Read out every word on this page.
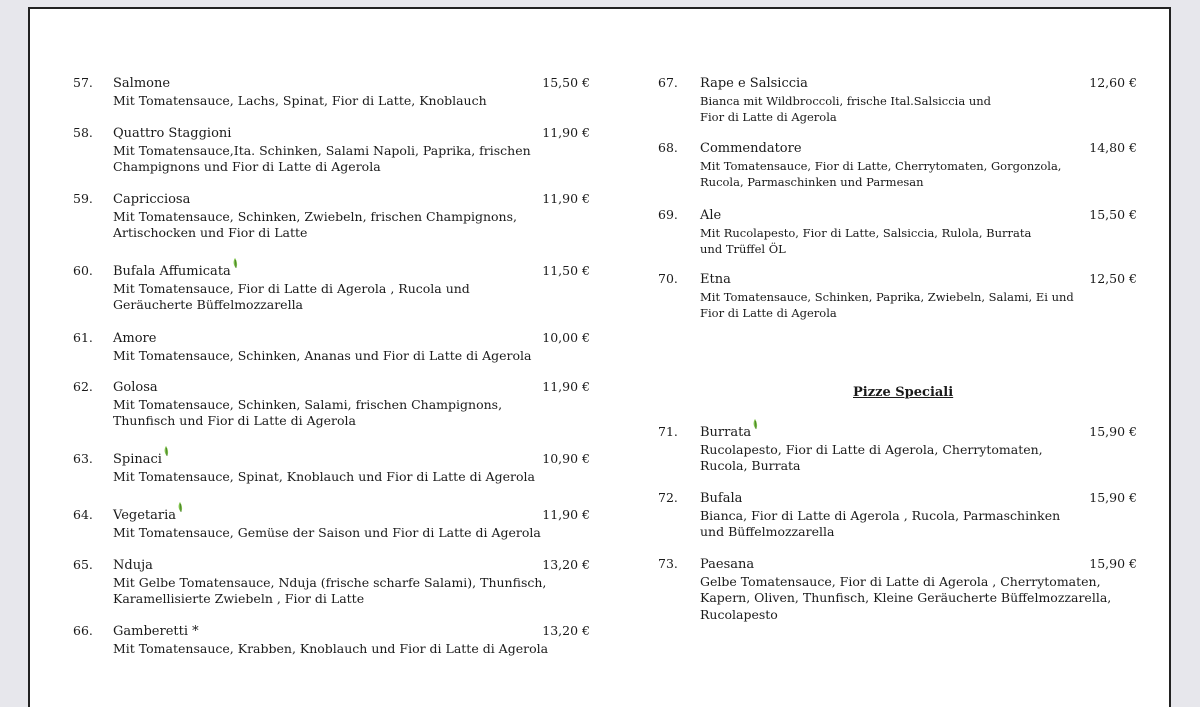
57.	Salmone
Mit Tomatensauce, Lachs, Spinat, Fior di Latte, Knoblauch
15,50 €
58.	Quattro Staggioni
Mit Tomatensauce,Ita. Schinken, Salami Napoli, Paprika, frischen
Champignons und Fior di Latte di Agerola
11,90 €
59.	Capricciosa
Mit Tomatensauce, Schinken, Zwiebeln, frischen Champignons,
Artischocken und Fior di Latte
11,90 €
60.	Bufala Affumicata
Mit Tomatensauce, Fior di Latte di Agerola , Rucola und
Geräucherte Büffelmozzarella
11,50 €
61.	Amore
Mit Tomatensauce, Schinken, Ananas und Fior di Latte di Agerola
10,00 €
62.	Golosa
Mit Tomatensauce, Schinken, Salami, frischen Champignons,
Thunfisch und Fior di Latte di Agerola
11,90 €
63.	Spinaci
Mit Tomatensauce, Spinat, Knoblauch und Fior di Latte di Agerola
10,90 €
64.	Vegetaria
Mit Tomatensauce, Gemüse der Saison und Fior di Latte di Agerola
11,90 €
65.	Nduja
Mit Gelbe Tomatensauce, Nduja (frische scharfe Salami), Thunfisch,
Karamellisierte Zwiebeln , Fior di Latte
13,20 €
66.	Gamberetti *
Mit Tomatensauce, Krabben, Knoblauch und Fior di Latte di Agerola
13,20 €
67.	Rape e Salsiccia
Bianca mit Wildbroccoli, frische Ital.Salsiccia und
Fior di Latte di Agerola
12,60 €
68.	Commendatore
Mit Tomatensauce, Fior di Latte, Cherrytomaten, Gorgonzola,
Rucola, Parmaschinken und Parmesan
14,80 €
69.	Ale
Mit Rucolapesto, Fior di Latte, Salsiccia, Rulola, Burrata
und Trüffel ÖL
15,50 €
70.	Etna
Mit Tomatensauce, Schinken, Paprika, Zwiebeln, Salami, Ei und
Fior di Latte di Agerola
12,50 €
Pizze Speciali
71.	Burrata
Rucolapesto, Fior di Latte di Agerola, Cherrytomaten,
Rucola, Burrata
15,90 €
72.	Bufala
Bianca, Fior di Latte di Agerola , Rucola, Parmaschinken
und Büffelmozzarella
15,90 €
73.	Paesana
Gelbe Tomatensauce, Fior di Latte di Agerola , Cherrytomaten,
Kapern, Oliven, Thunfisch, Kleine Geräucherte Büffelmozzarella,
Rucolapesto
15,90 €
